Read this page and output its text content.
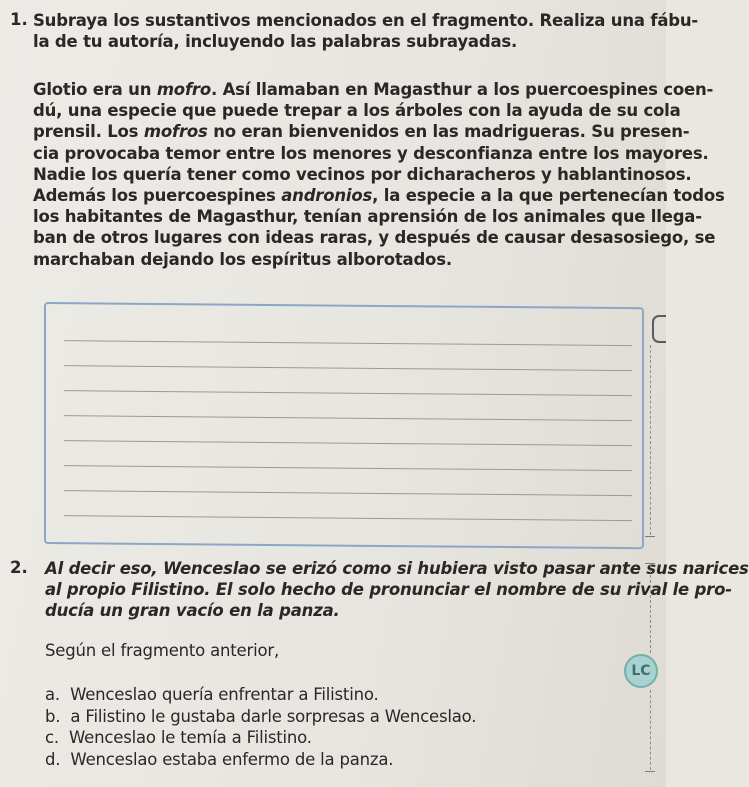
1. Subraya los sustantivos mencionados en el fragmento. Realiza una fábu-
la de tu autoría, incluyendo las palabras subrayadas.
Glotio era un mofro. Así llamaban en Magasthur a los puercoespines coen-
dú, una especie que puede trepar a los árboles con la ayuda de su cola
prensil. Los mofros no eran bienvenidos en las madrigueras. Su presen-
cia provocaba temor entre los menores y desconfianza entre los mayores.
Nadie los quería tener como vecinos por dicharacheros y hablantinosos.
Además los puercoespines andronios, la especie a la que pertenecían todos
los habitantes de Magasthur, tenían aprensión de los animales que llega-
ban de otros lugares con ideas raras, y después de causar desasosiego, se
marchaban dejando los espíritus alborotados.
2. Al decir eso, Wenceslao se erizó como si hubiera visto pasar ante sus narices
al propio Filistino. El solo hecho de pronunciar el nombre de su rival le pro-
ducía un gran vacío en la panza.
Según el fragmento anterior,
a. Wenceslao quería enfrentar a Filistino.
b. a Filistino le gustaba darle sorpresas a Wenceslao.
c. Wenceslao le temía a Filistino.
d. Wenceslao estaba enfermo de la panza.
LC
